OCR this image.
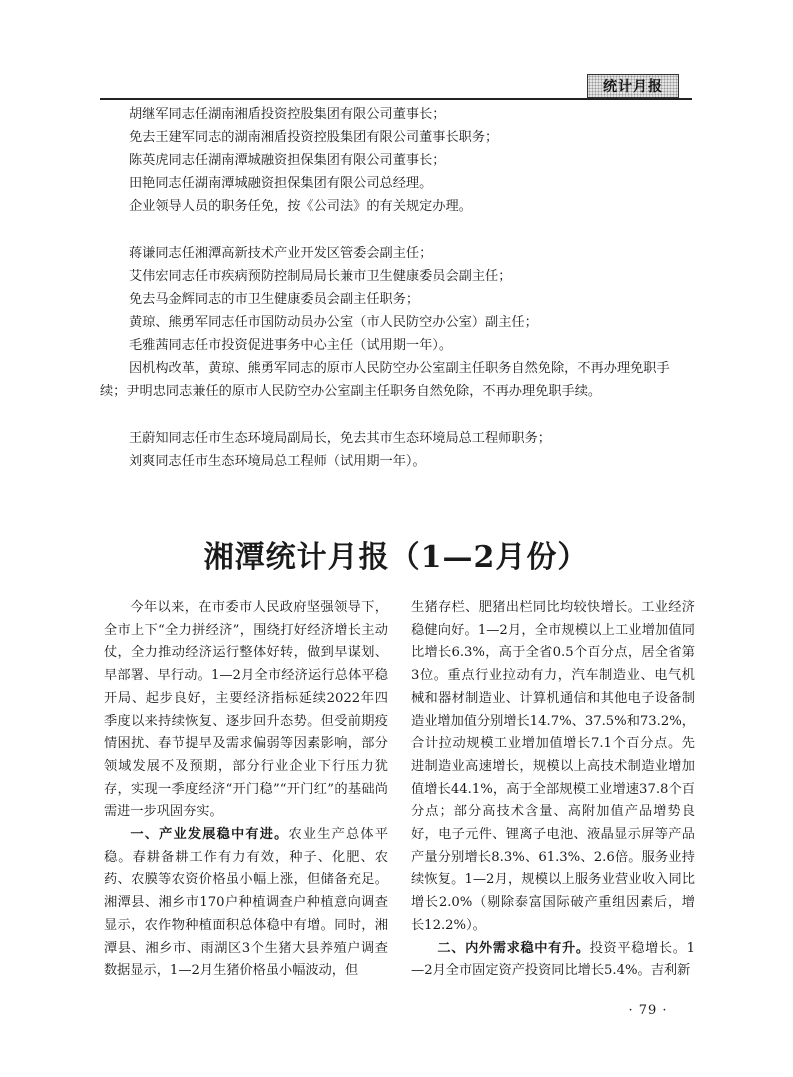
统计月报
胡继军同志任湖南湘盾投资控股集团有限公司董事长；
免去王建军同志的湖南湘盾投资控股集团有限公司董事长职务；
陈英虎同志任湖南潭城融资担保集团有限公司董事长；
田艳同志任湖南潭城融资担保集团有限公司总经理。
企业领导人员的职务任免，按《公司法》的有关规定办理。
蒋谦同志任湘潭高新技术产业开发区管委会副主任；
艾伟宏同志任市疾病预防控制局局长兼市卫生健康委员会副主任；
免去马金辉同志的市卫生健康委员会副主任职务；
黄琼、熊勇军同志任市国防动员办公室（市人民防空办公室）副主任；
毛雅茜同志任市投资促进事务中心主任（试用期一年）。
因机构改革，黄琼、熊勇军同志的原市人民防空办公室副主任职务自然免除，不再办理免职手
续；尹明忠同志兼任的原市人民防空办公室副主任职务自然免除，不再办理免职手续。
王蔚知同志任市生态环境局副局长，免去其市生态环境局总工程师职务；
刘爽同志任市生态环境局总工程师（试用期一年）。
湘潭统计月报（1—2月份）

今年以来，在市委市人民政府坚强领导下，全市上下“全力拼经济”，围绕打好经济增长主动仗，全力推动经济运行整体好转，做到早谋划、早部署、早行动。1—2月全市经济运行总体平稳开局、起步良好，主要经济指标延续2022年四季度以来持续恢复、逐步回升态势。但受前期疫情困扰、春节提早及需求偏弱等因素影响，部分领域发展不及预期，部分行业企业下行压力犹存，实现一季度经济“开门稳”“开门红”的基础尚需进一步巩固夯实。

一、产业发展稳中有进。农业生产总体平稳。春耕备耕工作有力有效，种子、化肥、农药、农膜等农资价格虽小幅上涨，但储备充足。湘潭县、湘乡市170户种植调查户种植意向调查显示，农作物种植面积总体稳中有增。同时，湘潭县、湘乡市、雨湖区3个生猪大县养殖户调查数据显示，1—2月生猪价格虽小幅波动，但

生猪存栏、肥猪出栏同比均较快增长。工业经济稳健向好。1—2月，全市规模以上工业增加值同比增长6.3%，高于全省0.5个百分点，居全省第3位。重点行业拉动有力，汽车制造业、电气机械和器材制造业、计算机通信和其他电子设备制造业增加值分别增长14.7%、37.5%和73.2%，合计拉动规模工业增加值增长7.1个百分点。先进制造业高速增长，规模以上高技术制造业增加值增长44.1%，高于全部规模工业增速37.8个百分点；部分高技术含量、高附加值产品增势良好，电子元件、锂离子电池、液晶显示屏等产品产量分别增长8.3%、61.3%、2.6倍。服务业持续恢复。1—2月，规模以上服务业营业收入同比增长2.0%（剔除泰富国际破产重组因素后，增长12.2%）。

二、内外需求稳中有升。投资平稳增长。1—2月全市固定资产投资同比增长5.4%。吉利新

· 79 ·
